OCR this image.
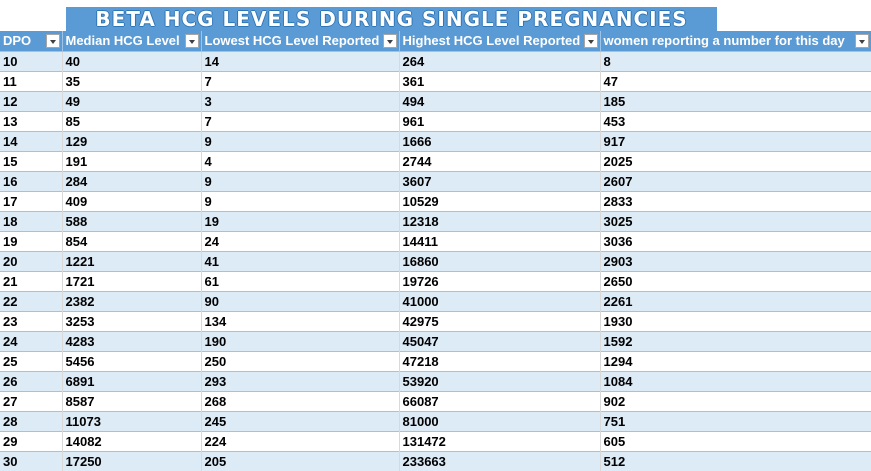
BETA HCG LEVELS DURING SINGLE PREGNANCIES
DPO	Median HCG Level	Lowest HCG Level Reported	Highest HCG Level Reported	women reporting a number for this day

10	40	14	264	8
11	35	7	361	47
12	49	3	494	185
13	85	7	961	453
14	129	9	1666	917
15	191	4	2744	2025
16	284	9	3607	2607
17	409	9	10529	2833
18	588	19	12318	3025
19	854	24	14411	3036
20	1221	41	16860	2903
21	1721	61	19726	2650
22	2382	90	41000	2261
23	3253	134	42975	1930
24	4283	190	45047	1592
25	5456	250	47218	1294
26	6891	293	53920	1084
27	8587	268	66087	902
28	11073	245	81000	751
29	14082	224	131472	605
30	17250	205	233663	512
